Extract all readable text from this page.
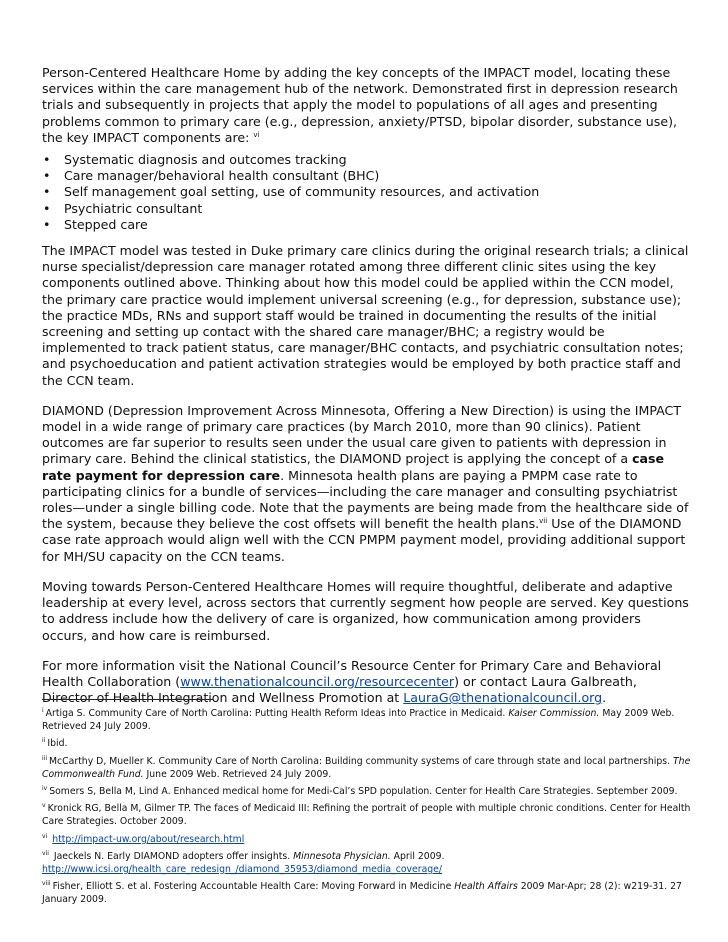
Person-Centered Healthcare Home by adding the key concepts of the IMPACT model, locating these services within the care management hub of the network. Demonstrated first in depression research trials and subsequently in projects that apply the model to populations of all ages and presenting problems common to primary care (e.g., depression, anxiety/PTSD, bipolar disorder, substance use), the key IMPACT components are: $^{vi}$

• Systematic diagnosis and outcomes tracking
• Care manager/behavioral health consultant (BHC)
• Self management goal setting, use of community resources, and activation
• Psychiatric consultant
• Stepped care

The IMPACT model was tested in Duke primary care clinics during the original research trials; a clinical nurse specialist/depression care manager rotated among three different clinic sites using the key components outlined above. Thinking about how this model could be applied within the CCN model, the primary care practice would implement universal screening (e.g., for depression, substance use); the practice MDs, RNs and support staff would be trained in documenting the results of the initial screening and setting up contact with the shared care manager/BHC; a registry would be implemented to track patient status, care manager/BHC contacts, and psychiatric consultation notes; and psychoeducation and patient activation strategies would be employed by both practice staff and the CCN team.

DIAMOND (Depression Improvement Across Minnesota, Offering a New Direction) is using the IMPACT model in a wide range of primary care practices (by March 2010, more than 90 clinics). Patient outcomes are far superior to results seen under the usual care given to patients with depression in primary care. Behind the clinical statistics, the DIAMOND project is applying the concept of a case rate payment for depression care. Minnesota health plans are paying a PMPM case rate to participating clinics for a bundle of services—including the care manager and consulting psychiatrist roles—under a single billing code. Note that the payments are being made from the healthcare side of the system, because they believe the cost offsets will benefit the health plans.$^{vii}$ Use of the DIAMOND case rate approach would align well with the CCN PMPM payment model, providing additional support for MH/SU capacity on the CCN teams.

Moving towards Person-Centered Healthcare Homes will require thoughtful, deliberate and adaptive leadership at every level, across sectors that currently segment how people are served. Key questions to address include how the delivery of care is organized, how communication among providers occurs, and how care is reimbursed.

For more information visit the National Council’s Resource Center for Primary Care and Behavioral Health Collaboration (www.thenationalcouncil.org/resourcecenter) or contact Laura Galbreath, Director of Health Integration and Wellness Promotion at LauraG@thenationalcouncil.org.

$^i$ Artiga S. Community Care of North Carolina: Putting Health Reform Ideas into Practice in Medicaid. Kaiser Commission. May 2009 Web. Retrieved 24 July 2009.

$^{ii}$ Ibid.

$^{iii}$ McCarthy D, Mueller K. Community Care of North Carolina: Building community systems of care through state and local partnerships. The Commonwealth Fund. June 2009 Web. Retrieved 24 July 2009.

$^{iv}$ Somers S, Bella M, Lind A. Enhanced medical home for Medi-Cal’s SPD population. Center for Health Care Strategies. September 2009.

$^v$ Kronick RG, Bella M, Gilmer TP. The faces of Medicaid III: Refining the portrait of people with multiple chronic conditions. Center for Health Care Strategies. October 2009.

$^{vi}$ http://impact-uw.org/about/research.html

$^{vii}$ Jaeckels N. Early DIAMOND adopters offer insights. Minnesota Physician. April 2009.
http://www.icsi.org/health_care_redesign_/diamond_35953/diamond_media_coverage/

$^{viii}$ Fisher, Elliott S. et al. Fostering Accountable Health Care: Moving Forward in Medicine Health Affairs 2009 Mar-Apr; 28 (2): w219-31. 27 January 2009.
